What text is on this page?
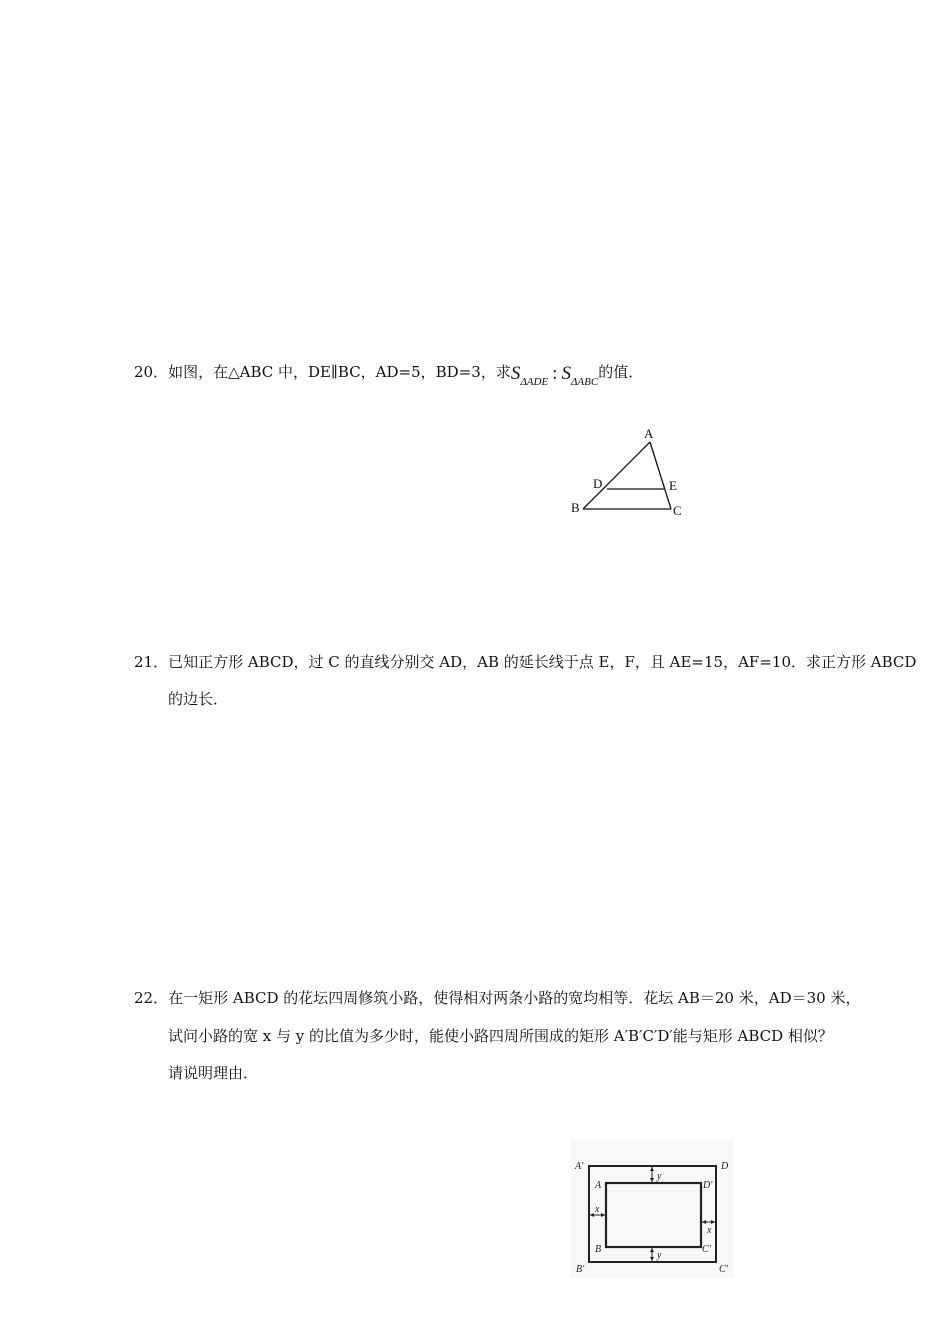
20．如图，在△ABC 中，DE∥BC，AD=5，BD=3，求$S_{\Delta ADE}$ : $S_{\Delta ABC}$的值．
A
D	E
B	C
21．已知正方形 ABCD，过 C 的直线分别交 AD，AB 的延长线于点 E，F，且 AE=15，AF=10．求正方形 ABCD
的边长．
22．在一矩形 ABCD 的花坛四周修筑小路，使得相对两条小路的宽均相等．花坛 AB＝20 米，AD＝30 米，
试问小路的宽 x 与 y 的比值为多少时，能使小路四周所围成的矩形 A′B′C′D′能与矩形 ABCD 相似？
请说明理由．
A'	D
B'	C'
A	D'
B	C'
y
y
x
x
